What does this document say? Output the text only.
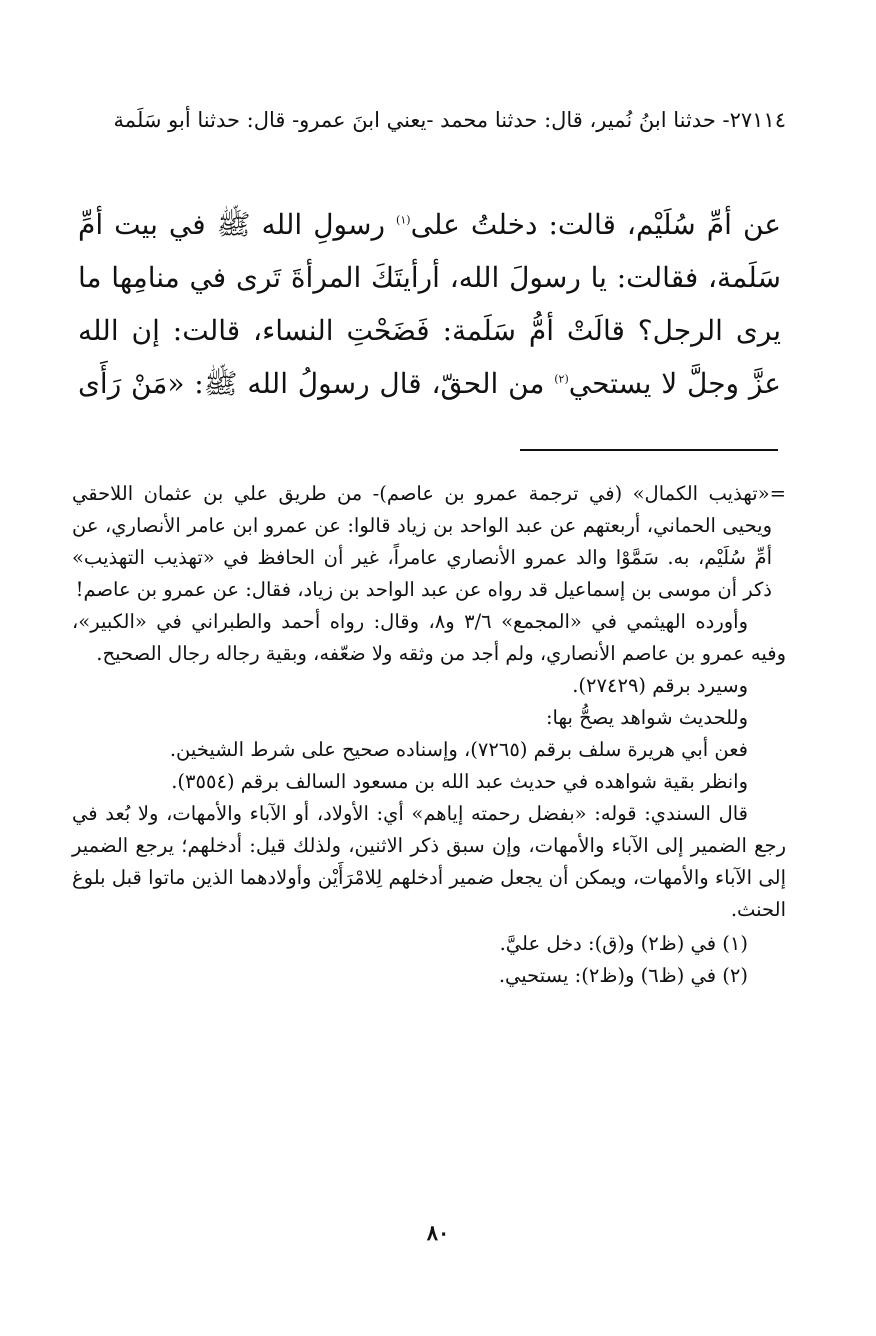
٢٧١١٤- حدثنا ابنُ نُمير، قال: حدثنا محمد -يعني ابنَ عمرو- قال: حدثنا أبو سَلَمة

عن أمِّ سُلَيْم، قالت: دخلتُ على$^{(١)}$ رسولِ الله ﷺ في بيت أمِّ سَلَمة، فقالت: يا رسولَ الله، أرأيتَكَ المرأةَ تَرى في منامِها ما يرى الرجل؟ قالَتْ أمُّ سَلَمة: فَضَحْتِ النساء، قالت: إن الله عزَّ وجلَّ لا يستحي$^{(٢)}$ من الحقّ، قال رسولُ الله ﷺ: «مَنْ رَأَى

=«تهذيب الكمال» (في ترجمة عمرو بن عاصم)- من طريق علي بن عثمان اللاحقي ويحيى الحماني، أربعتهم عن عبد الواحد بن زياد قالوا: عن عمرو ابن عامر الأنصاري، عن أمِّ سُلَيْم، به. سَمَّوْا والد عمرو الأنصاري عامراً، غير أن الحافظ في «تهذيب التهذيب» ذكر أن موسى بن إسماعيل قد رواه عن عبد الواحد بن زياد، فقال: عن عمرو بن عاصم!

وأورده الهيثمي في «المجمع» ٣/٦ و٨، وقال: رواه أحمد والطبراني في «الكبير»، وفيه عمرو بن عاصم الأنصاري، ولم أجد من وثقه ولا ضعّفه، وبقية رجاله رجال الصحيح.

وسيرد برقم (٢٧٤٢٩).

وللحديث شواهد يصحُّ بها:

فعن أبي هريرة سلف برقم (٧٢٦٥)، وإسناده صحيح على شرط الشيخين.

وانظر بقية شواهده في حديث عبد الله بن مسعود السالف برقم (٣٥٥٤).

قال السندي: قوله: «بفضل رحمته إياهم» أي: الأولاد، أو الآباء والأمهات، ولا بُعد في رجع الضمير إلى الآباء والأمهات، وإن سبق ذكر الاثنين، ولذلك قيل: أدخلهم؛ يرجع الضمير إلى الآباء والأمهات، ويمكن أن يجعل ضمير أدخلهم لِلامْرَأَيْن وأولادهما الذين ماتوا قبل بلوغ الحنث.

(١) في (ظ٢) و(ق): دخل عليَّ.

(٢) في (ظ٦) و(ظ٢): يستحيي.

٨٠
